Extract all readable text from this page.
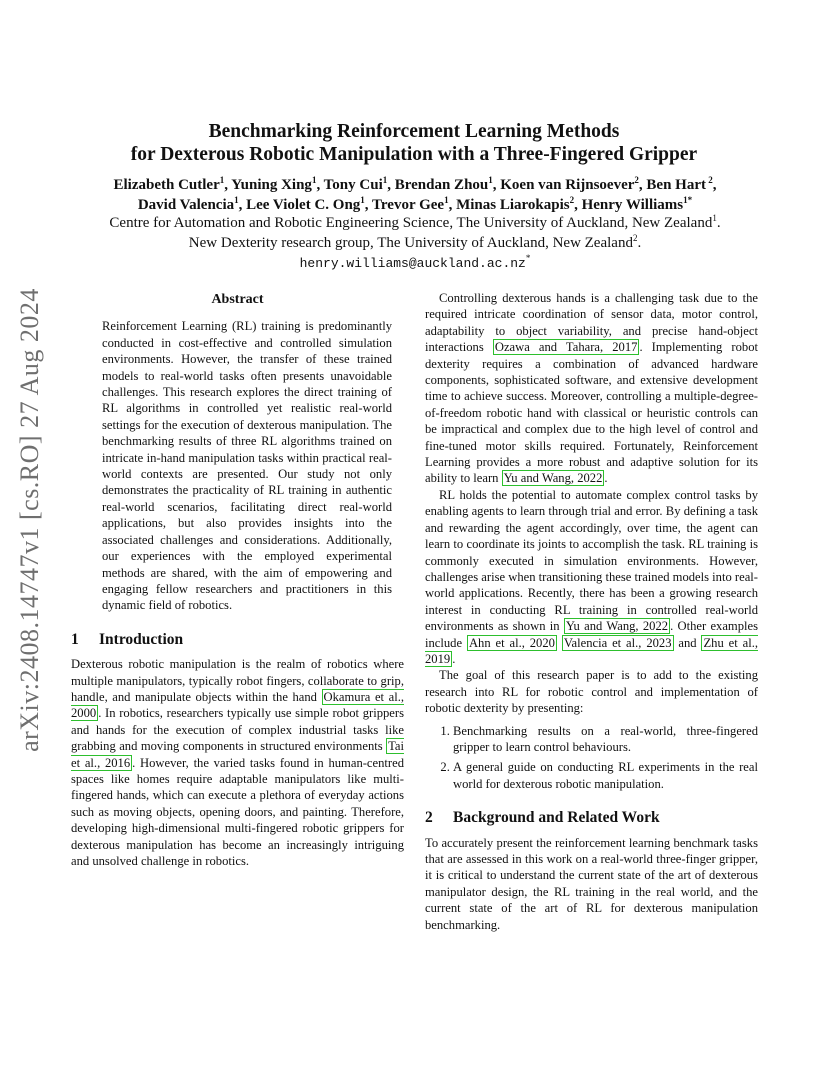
arXiv:2408.14747v1 [cs.RO] 27 Aug 2024
Benchmarking Reinforcement Learning Methods
for Dexterous Robotic Manipulation with a Three-Fingered Gripper
Elizabeth Cutler$^1$, Yuning Xing$^1$, Tony Cui$^1$, Brendan Zhou$^1$, Koen van Rijnsoever$^2$, Ben Hart $^2$,
David Valencia$^1$, Lee Violet C. Ong$^1$, Trevor Gee$^1$, Minas Liarokapis$^2$, Henry Williams$^{1*}$
Centre for Automation and Robotic Engineering Science, The University of Auckland, New Zealand$^1$.
New Dexterity research group, The University of Auckland, New Zealand$^2$.
henry.williams@auckland.ac.nz*
Abstract

Reinforcement Learning (RL) training is predominantly conducted in cost-effective and controlled simulation environments. However, the transfer of these trained models to real-world tasks often presents unavoidable challenges. This research explores the direct training of RL algorithms in controlled yet realistic real-world settings for the execution of dexterous manipulation. The benchmarking results of three RL algorithms trained on intricate in-hand manipulation tasks within practical real-world contexts are presented. Our study not only demonstrates the practicality of RL training in authentic real-world scenarios, facilitating direct real-world applications, but also provides insights into the associated challenges and considerations. Additionally, our experiences with the employed experimental methods are shared, with the aim of empowering and engaging fellow researchers and practitioners in this dynamic field of robotics.

1 Introduction

Dexterous robotic manipulation is the realm of robotics where multiple manipulators, typically robot fingers, collaborate to grip, handle, and manipulate objects within the hand Okamura et al., 2000 . In robotics, researchers typically use simple robot grippers and hands for the execution of complex industrial tasks like grabbing and moving components in structured environments Tai et al., 2016 . However, the varied tasks found in human-centred spaces like homes require adaptable manipulators like multi-fingered hands, which can execute a plethora of everyday actions such as moving objects, opening doors, and painting. Therefore, developing high-dimensional multi-fingered robotic grippers for dexterous manipulation has become an increasingly intriguing and unsolved challenge in robotics.

Controlling dexterous hands is a challenging task due to the required intricate coordination of sensor data, motor control, adaptability to object variability, and precise hand-object interactions Ozawa and Tahara, 2017 . Implementing robot dexterity requires a combination of advanced hardware components, sophisticated software, and extensive development time to achieve success. Moreover, controlling a multiple-degree-of-freedom robotic hand with classical or heuristic controls can be impractical and complex due to the high level of control and fine-tuned motor skills required. Fortunately, Reinforcement Learning provides a more robust and adaptive solution for its ability to learn Yu and Wang, 2022 .

RL holds the potential to automate complex control tasks by enabling agents to learn through trial and error. By defining a task and rewarding the agent accordingly, over time, the agent can learn to coordinate its joints to accomplish the task. RL training is commonly executed in simulation environments. However, challenges arise when transitioning these trained models into real-world applications. Recently, there has been a growing research interest in conducting RL training in controlled real-world environments as shown in Yu and Wang, 2022 . Other examples include Ahn et al., 2020 Valencia et al., 2023 and Zhu et al., 2019 .

The goal of this research paper is to add to the existing research into RL for robotic control and implementation of robotic dexterity by presenting:

1. Benchmarking results on a real-world, three-fingered gripper to learn control behaviours.
2. A general guide on conducting RL experiments in the real world for dexterous robotic manipulation.
2 Background and Related Work

To accurately present the reinforcement learning benchmark tasks that are assessed in this work on a real-world three-finger gripper, it is critical to understand the current state of the art of dexterous manipulator design, the RL training in the real world, and the current state of the art of RL for dexterous manipulation benchmarking.
